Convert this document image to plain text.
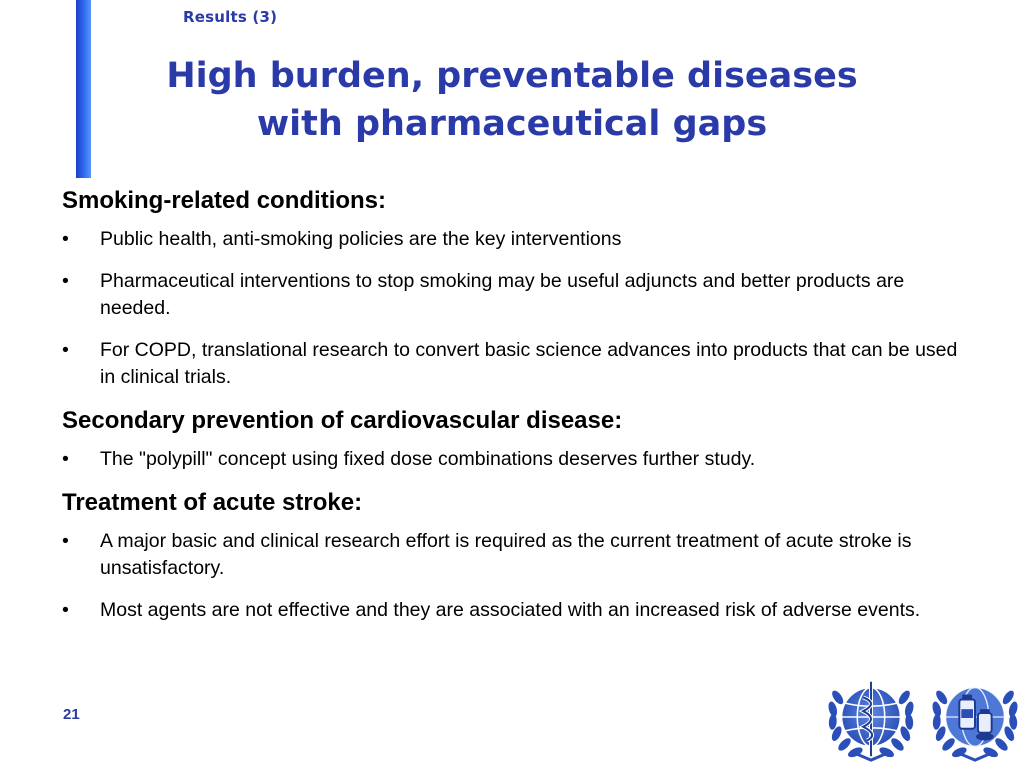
Results (3)
High burden, preventable diseases
with pharmaceutical gaps
Smoking-related conditions:
• Public health, anti-smoking policies are the key interventions
• Pharmaceutical interventions to stop smoking may be useful adjuncts and better products are needed.
• For COPD, translational research to convert basic science advances into products that can be used in clinical trials.
Secondary prevention of cardiovascular disease:
• The "polypill" concept using fixed dose combinations deserves further study.
Treatment of acute stroke:
• A major basic and clinical research effort is required as the current treatment of acute stroke is unsatisfactory.
• Most agents are not effective and they are associated with an increased risk of adverse events.
21
